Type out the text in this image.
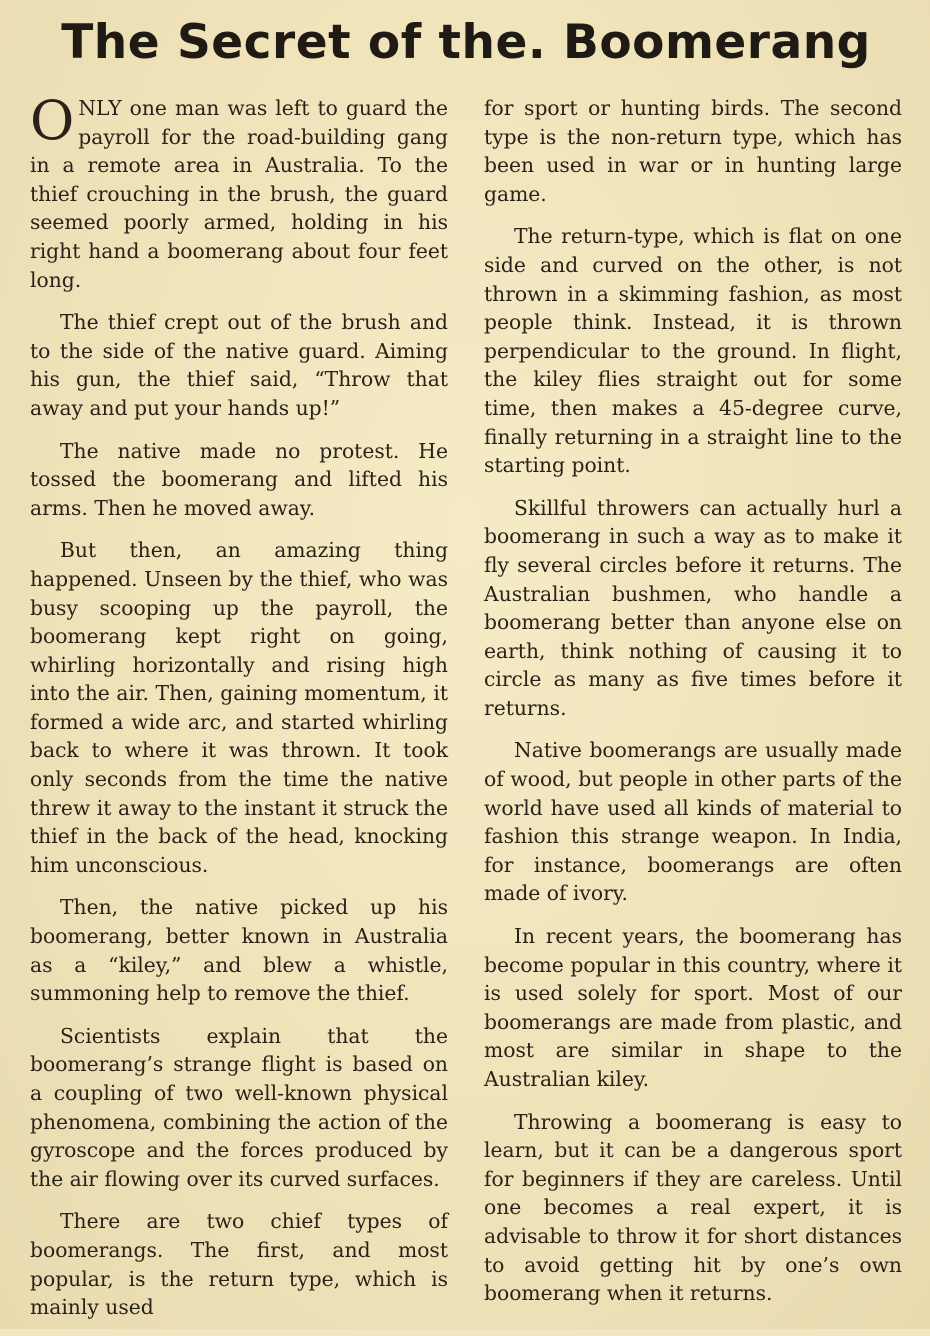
The Secret of the. Boomerang

ONLY one man was left to guard the payroll for the road-building gang in a remote area in Australia. To the thief crouching in the brush, the guard seemed poorly armed, holding in his right hand a boomerang about four feet long.

The thief crept out of the brush and to the side of the native guard. Aiming his gun, the thief said, “Throw that away and put your hands up!”

The native made no protest. He tossed the boomerang and lifted his arms. Then he moved away.

But then, an amazing thing happened. Unseen by the thief, who was busy scooping up the payroll, the boomerang kept right on going, whirling horizontally and rising high into the air. Then, gaining momentum, it formed a wide arc, and started whirling back to where it was thrown. It took only seconds from the time the native threw it away to the instant it struck the thief in the back of the head, knocking him unconscious.

Then, the native picked up his boomerang, better known in Australia as a “kiley,” and blew a whistle, summoning help to remove the thief.

Scientists explain that the boomerang’s strange flight is based on a coupling of two well-known physical phenomena, combining the action of the gyroscope and the forces produced by the air flowing over its curved surfaces.

There are two chief types of boomerangs. The first, and most popular, is the return type, which is mainly used

for sport or hunting birds. The second type is the non-return type, which has been used in war or in hunting large game.

The return-type, which is flat on one side and curved on the other, is not thrown in a skimming fashion, as most people think. Instead, it is thrown perpendicular to the ground. In flight, the kiley flies straight out for some time, then makes a 45-degree curve, finally returning in a straight line to the starting point.

Skillful throwers can actually hurl a boomerang in such a way as to make it fly several circles before it returns. The Australian bushmen, who handle a boomerang better than anyone else on earth, think nothing of causing it to circle as many as five times before it returns.

Native boomerangs are usually made of wood, but people in other parts of the world have used all kinds of material to fashion this strange weapon. In India, for instance, boomerangs are often made of ivory.

In recent years, the boomerang has become popular in this country, where it is used solely for sport. Most of our boomerangs are made from plastic, and most are similar in shape to the Australian kiley.

Throwing a boomerang is easy to learn, but it can be a dangerous sport for beginners if they are careless. Until one becomes a real expert, it is advisable to throw it for short distances to avoid getting hit by one’s own boomerang when it returns.
